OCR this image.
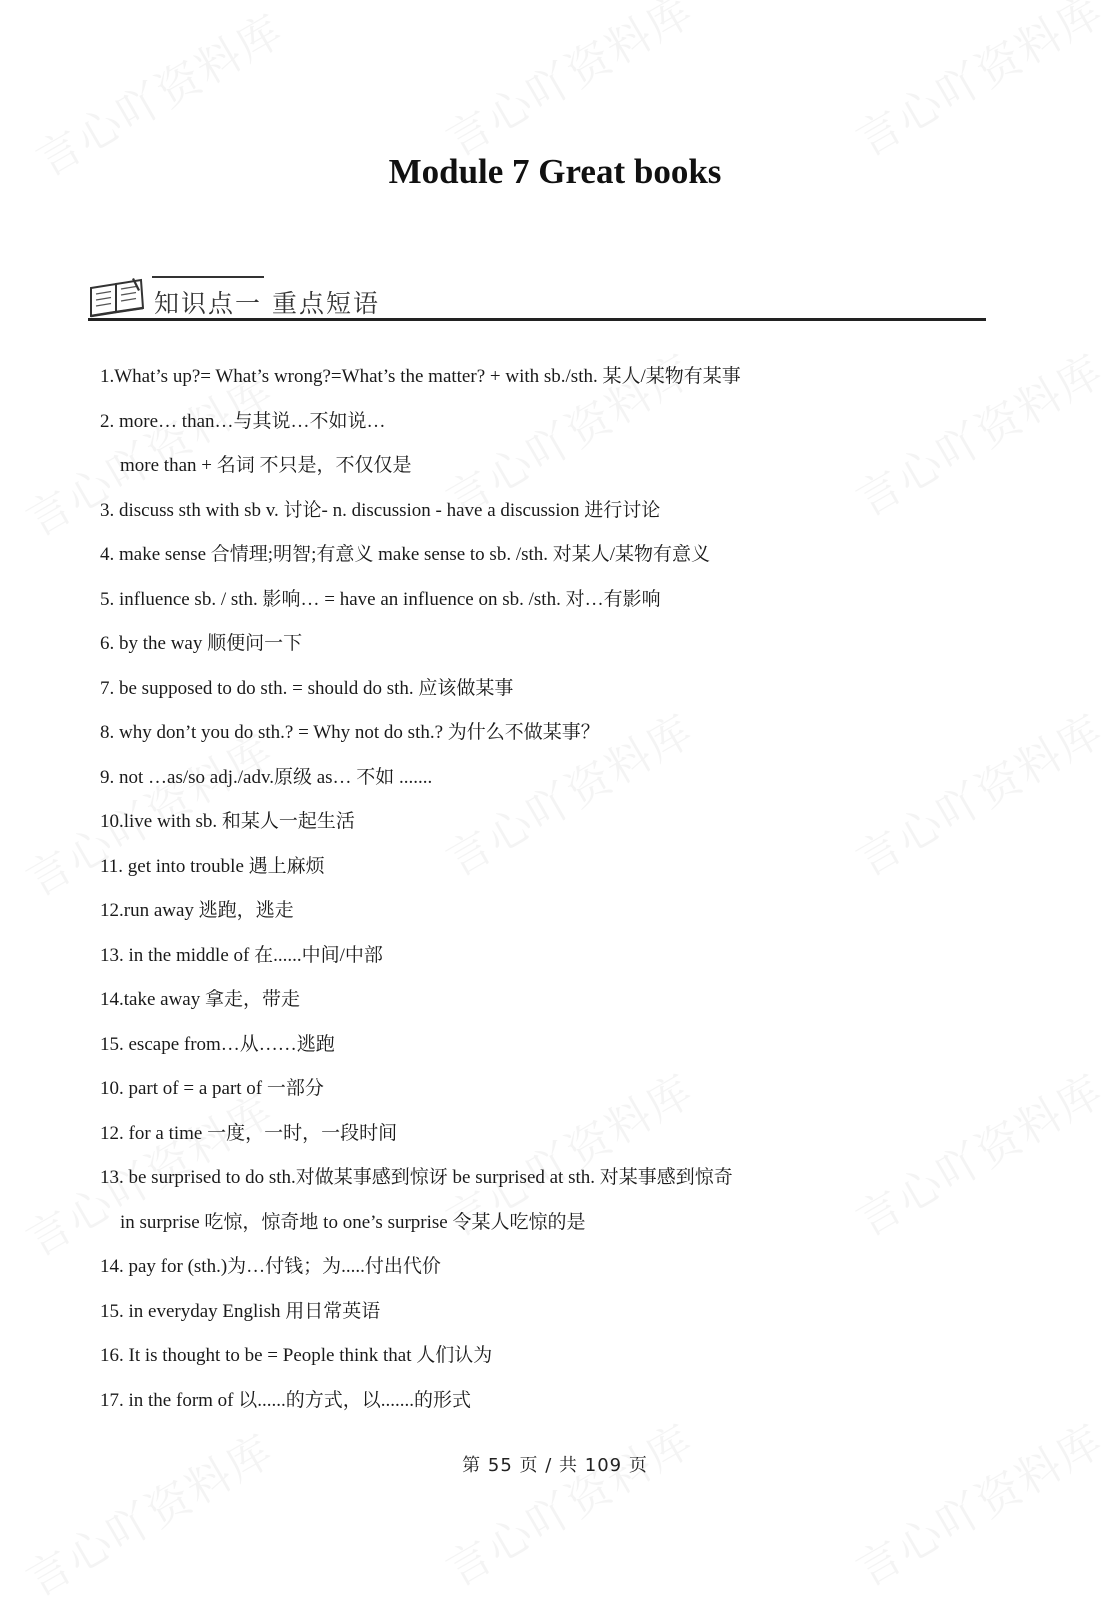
Module 7 Great books
知识点一 重点短语
1.What’s up?= What’s wrong?=What’s the matter? + with sb./sth. 某人/某物有某事
2. more… than…与其说…不如说…
more than + 名词 不只是，不仅仅是
3. discuss sth with sb v. 讨论- n. discussion - have a discussion 进行讨论
4. make sense 合情理;明智;有意义 make sense to sb. /sth. 对某人/某物有意义
5. influence sb. / sth. 影响… = have an influence on sb. /sth. 对…有影响
6. by the way 顺便问一下
7. be supposed to do sth. = should do sth. 应该做某事
8. why don’t you do sth.? = Why not do sth.? 为什么不做某事？
9. not …as/so adj./adv.原级 as… 不如 .......
10.live with sb. 和某人一起生活
11. get into trouble 遇上麻烦
12.run away 逃跑，逃走
13. in the middle of 在......中间/中部
14.take away 拿走，带走
15. escape from…从……逃跑
10. part of = a part of 一部分
12. for a time 一度，一时，一段时间
13. be surprised to do sth.对做某事感到惊讶 be surprised at sth. 对某事感到惊奇
in surprise 吃惊，惊奇地 to one’s surprise 令某人吃惊的是
14. pay for (sth.)为…付钱；为.....付出代价
15. in everyday English 用日常英语
16. It is thought to be = People think that 人们认为
17. in the form of 以......的方式，以.......的形式
第 55 页 / 共 109 页
